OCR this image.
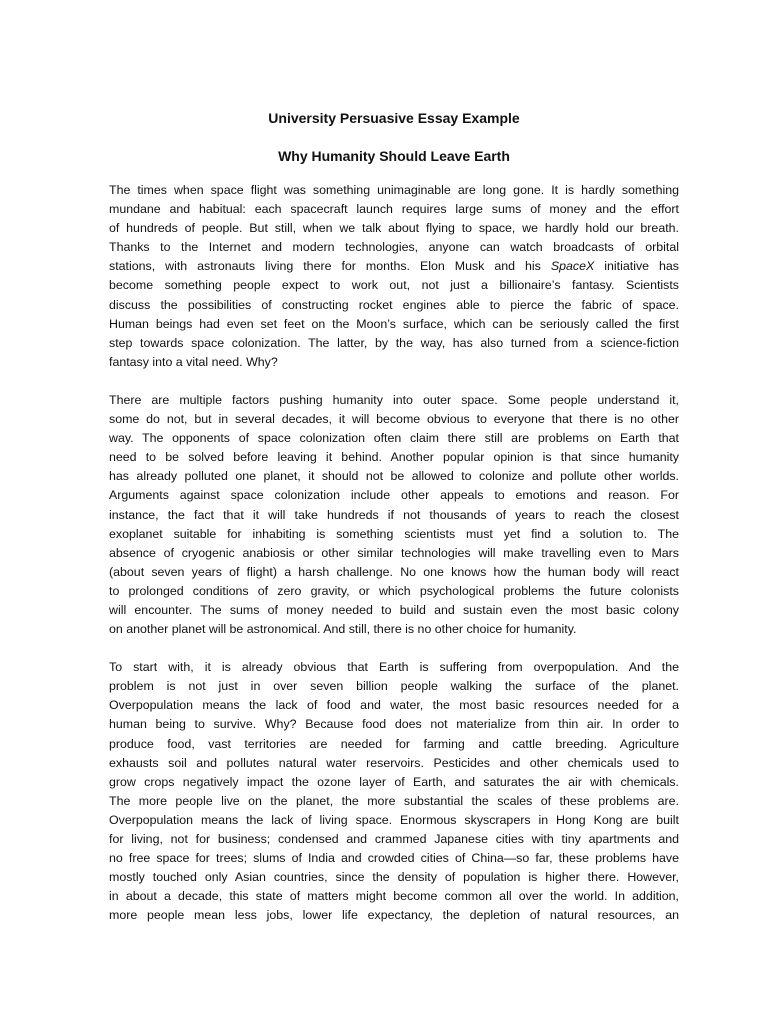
University Persuasive Essay Example

Why Humanity Should Leave Earth

The times when space flight was something unimaginable are long gone. It is hardly something
mundane and habitual: each spacecraft launch requires large sums of money and the effort
of hundreds of people. But still, when we talk about flying to space, we hardly hold our breath.
Thanks to the Internet and modern technologies, anyone can watch broadcasts of orbital
stations, with astronauts living there for months. Elon Musk and his SpaceX initiative has
become something people expect to work out, not just a billionaire’s fantasy. Scientists
discuss the possibilities of constructing rocket engines able to pierce the fabric of space.
Human beings had even set feet on the Moon’s surface, which can be seriously called the first
step towards space colonization. The latter, by the way, has also turned from a science-fiction
fantasy into a vital need. Why?
There are multiple factors pushing humanity into outer space. Some people understand it,
some do not, but in several decades, it will become obvious to everyone that there is no other
way. The opponents of space colonization often claim there still are problems on Earth that
need to be solved before leaving it behind. Another popular opinion is that since humanity
has already polluted one planet, it should not be allowed to colonize and pollute other worlds.
Arguments against space colonization include other appeals to emotions and reason. For
instance, the fact that it will take hundreds if not thousands of years to reach the closest
exoplanet suitable for inhabiting is something scientists must yet find a solution to. The
absence of cryogenic anabiosis or other similar technologies will make travelling even to Mars
(about seven years of flight) a harsh challenge. No one knows how the human body will react
to prolonged conditions of zero gravity, or which psychological problems the future colonists
will encounter. The sums of money needed to build and sustain even the most basic colony
on another planet will be astronomical. And still, there is no other choice for humanity.
To start with, it is already obvious that Earth is suffering from overpopulation. And the
problem is not just in over seven billion people walking the surface of the planet.
Overpopulation means the lack of food and water, the most basic resources needed for a
human being to survive. Why? Because food does not materialize from thin air. In order to
produce food, vast territories are needed for farming and cattle breeding. Agriculture
exhausts soil and pollutes natural water reservoirs. Pesticides and other chemicals used to
grow crops negatively impact the ozone layer of Earth, and saturates the air with chemicals.
The more people live on the planet, the more substantial the scales of these problems are.
Overpopulation means the lack of living space. Enormous skyscrapers in Hong Kong are built
for living, not for business; condensed and crammed Japanese cities with tiny apartments and
no free space for trees; slums of India and crowded cities of China—so far, these problems have
mostly touched only Asian countries, since the density of population is higher there. However,
in about a decade, this state of matters might become common all over the world. In addition,
more people mean less jobs, lower life expectancy, the depletion of natural resources, an
